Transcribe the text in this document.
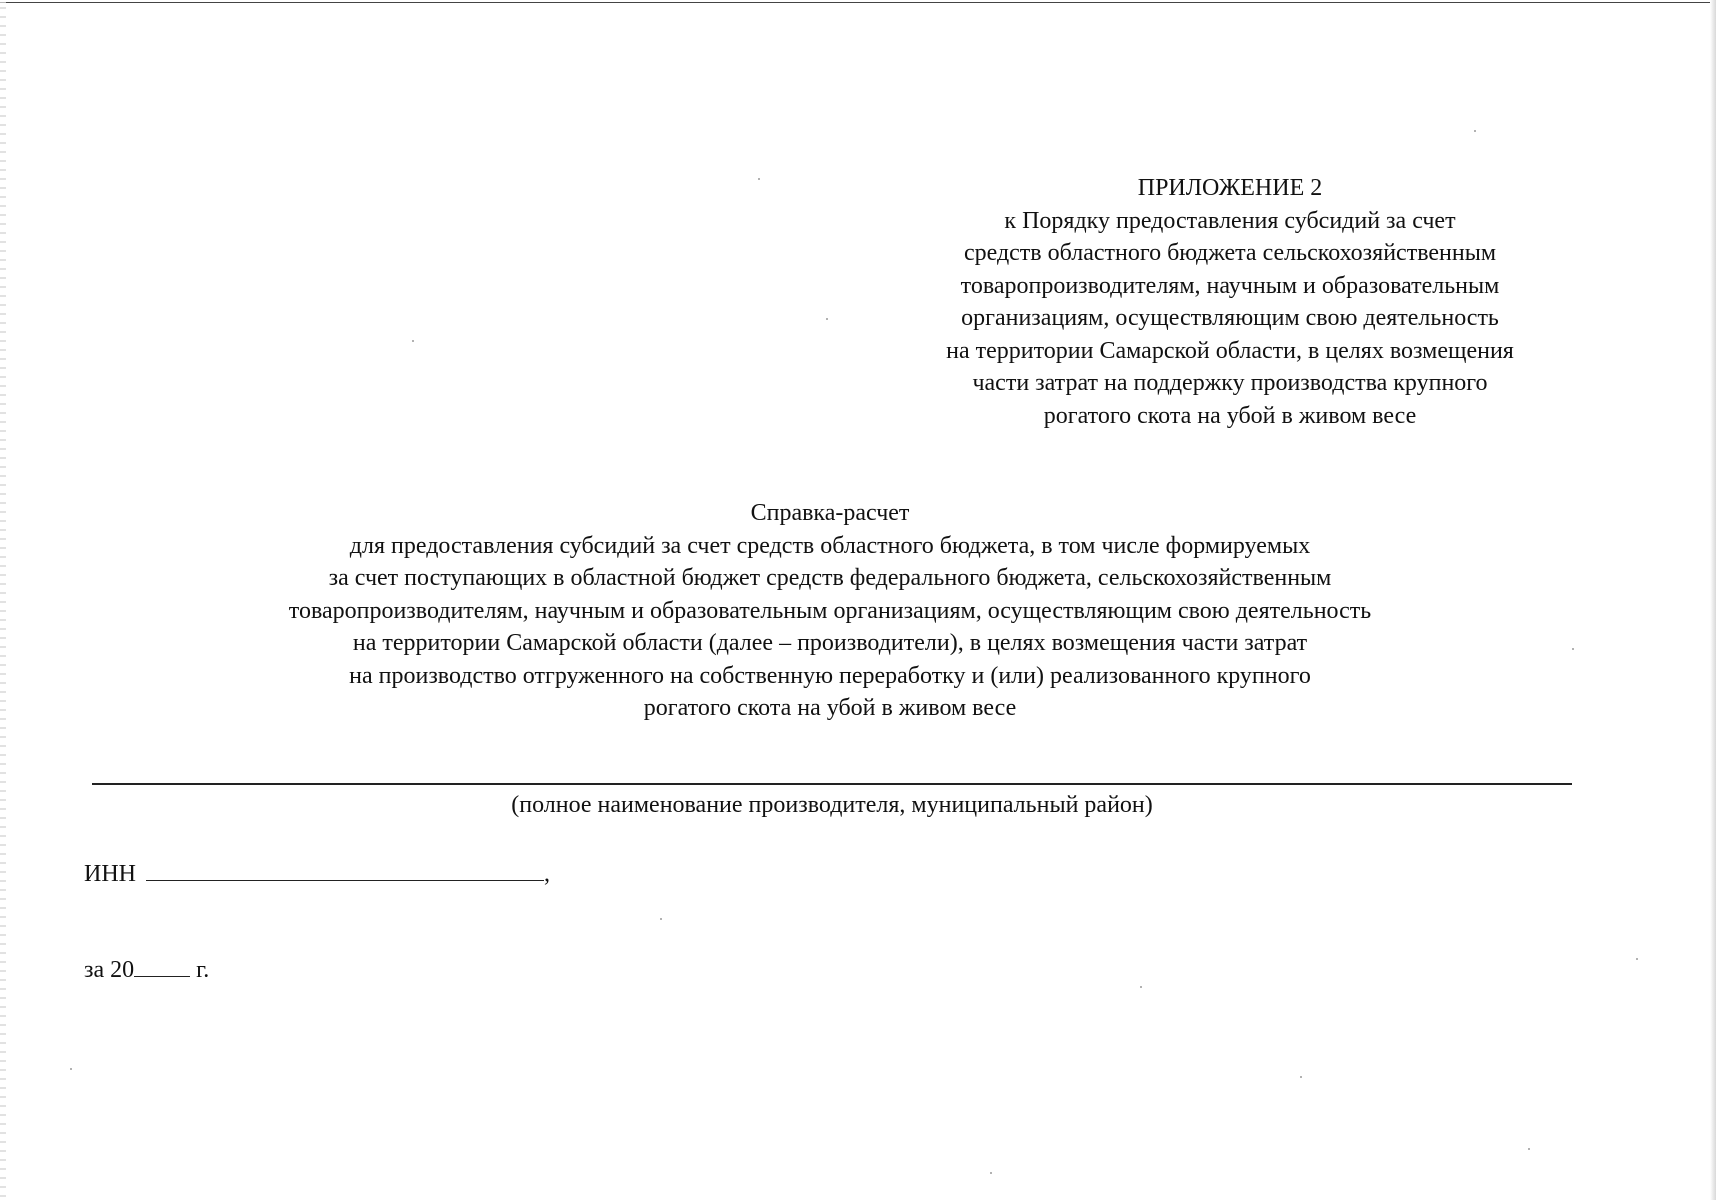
ПРИЛОЖЕНИЕ 2
к Порядку предоставления субсидий за счет
средств областного бюджета сельскохозяйственным
товаропроизводителям, научным и образовательным
организациям, осуществляющим свою деятельность
на территории Самарской области, в целях возмещения
части затрат на поддержку производства крупного
рогатого скота на убой в живом весе
Справка-расчет
для предоставления субсидий за счет средств областного бюджета, в том числе формируемых
за счет поступающих в областной бюджет средств федерального бюджета, сельскохозяйственным
товаропроизводителям, научным и образовательным организациям, осуществляющим свою деятельность
на территории Самарской области (далее – производители), в целях возмещения части затрат
на производство отгруженного на собственную переработку и (или) реализованного крупного
рогатого скота на убой в живом весе
(полное наименование производителя, муниципальный район)
ИНН	,
за 20	г.
